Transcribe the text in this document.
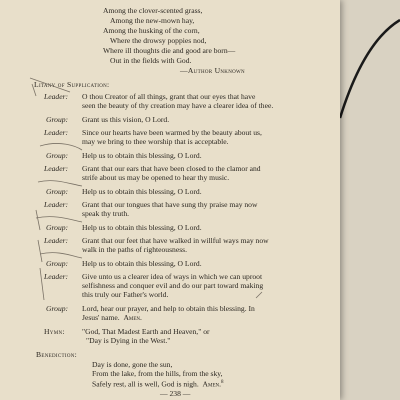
Among the clover-scented grass,
Among the new-mown hay,
Among the husking of the corn,
Where the drowsy poppies nod,
Where ill thoughts die and good are born—
Out in the fields with God.
—Author Unknown
Litany of Supplication:
Leader: O thou Creator of all things, grant that our eyes that have
seen the beauty of thy creation may have a clearer idea of thee.
Group: Grant us this vision, O Lord.
Leader: Since our hearts have been warmed by the beauty about us,
may we bring to thee worship that is acceptable.
Group: Help us to obtain this blessing, O Lord.
Leader: Grant that our ears that have been closed to the clamor and
strife about us may be opened to hear thy music.
Group: Help us to obtain this blessing, O Lord.
Leader: Grant that our tongues that have sung thy praise may now
speak thy truth.
Group: Help us to obtain this blessing, O Lord.
Leader: Grant that our feet that have walked in willful ways may now
walk in the paths of righteousness.
Group: Help us to obtain this blessing, O Lord.
Leader: Give unto us a clearer idea of ways in which we can uproot
selfishness and conquer evil and do our part toward making
this truly our Father's world.
Group: Lord, hear our prayer, and help to obtain this blessing. In
Jesus' name. Amen.
Hymn: "God, That Madest Earth and Heaven," or
"Day is Dying in the West."
Benediction:
Day is done, gone the sun,
From the lake, from the hills, from the sky,
Safely rest, all is well, God is nigh. Amen.$^8$
— 238 —
